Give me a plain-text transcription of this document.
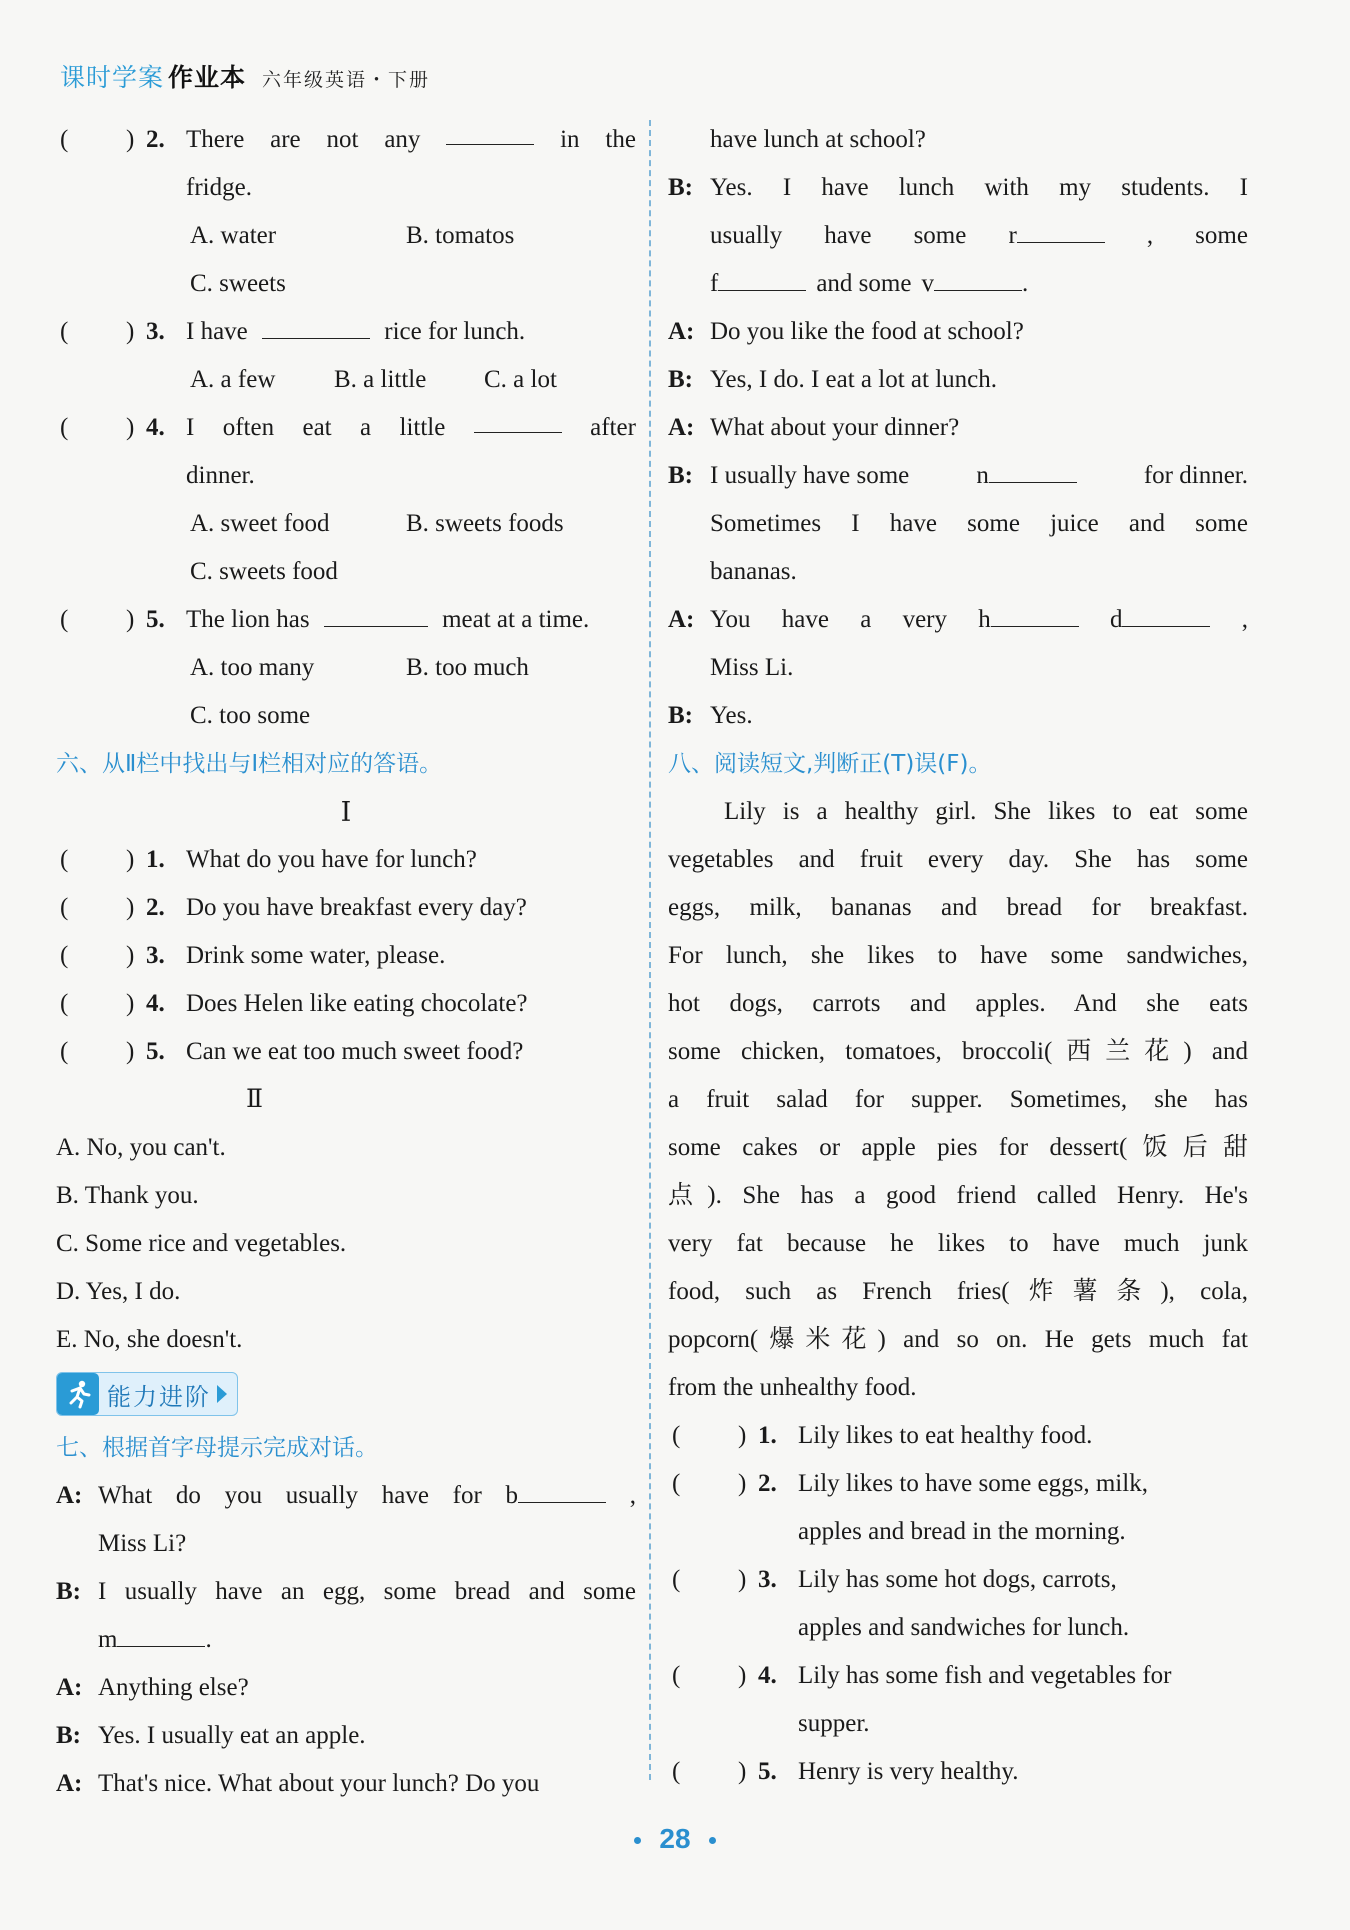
课时学案 作业本 六年级英语・下册
( ) 2. There are not any	in the
fridge.
A. water	B. tomatos
C. sweets
( ) 3. I have	rice for lunch.
A. a few B. a little C. a lot
( ) 4. I often eat a little	after
dinner.
A. sweet food	B. sweets foods
C. sweets food
( ) 5. The lion has	meat at a time.
A. too many	B. too much
C. too some
六、从Ⅱ栏中找出与Ⅰ栏相对应的答语。
Ⅰ
( ) 1. What do you have for lunch?
( ) 2. Do you have breakfast every day?
( ) 3. Drink some water, please.
( ) 4. Does Helen like eating chocolate?
( ) 5. Can we eat too much sweet food?
Ⅱ
A. No, you can't.
B. Thank you.
C. Some rice and vegetables.
D. Yes, I do.
E. No, she doesn't.
能力进阶
七、根据首字母提示完成对话。
A: What do you usually have for b	,
Miss Li?
B: I usually have an egg, some bread and some
m	.
A: Anything else?
B: Yes. I usually eat an apple.
A: That's nice. What about your lunch? Do you
have lunch at school?
B: Yes. I have lunch with my students. I
usually have some r	, some
f	and some v	.
A: Do you like the food at school?
B: Yes, I do. I eat a lot at lunch.
A: What about your dinner?
B: I usually have some	n	for dinner.
Sometimes I have some juice and some
bananas.
A: You have a very h	d	,
Miss Li.
B: Yes.
八、阅读短文,判断正(T)误(F)。
Lily is a healthy girl. She likes to eat some
vegetables and fruit every day. She has some
eggs, milk, bananas and bread for breakfast.
For lunch, she likes to have some sandwiches,
hot dogs, carrots and apples. And she eats
some chicken, tomatoes, broccoli(西兰花) and
a fruit salad for supper. Sometimes, she has
some cakes or apple pies for dessert(饭后甜
点). She has a good friend called Henry. He's
very fat because he likes to have much junk
food, such as French fries(炸薯条), cola,
popcorn(爆米花) and so on. He gets much fat
from the unhealthy food.
( ) 1. Lily likes to eat healthy food.
( ) 2. Lily likes to have some eggs, milk,
apples and bread in the morning.
( ) 3. Lily has some hot dogs, carrots,
apples and sandwiches for lunch.
( ) 4. Lily has some fish and vegetables for
supper.
( ) 5. Henry is very healthy.
28
